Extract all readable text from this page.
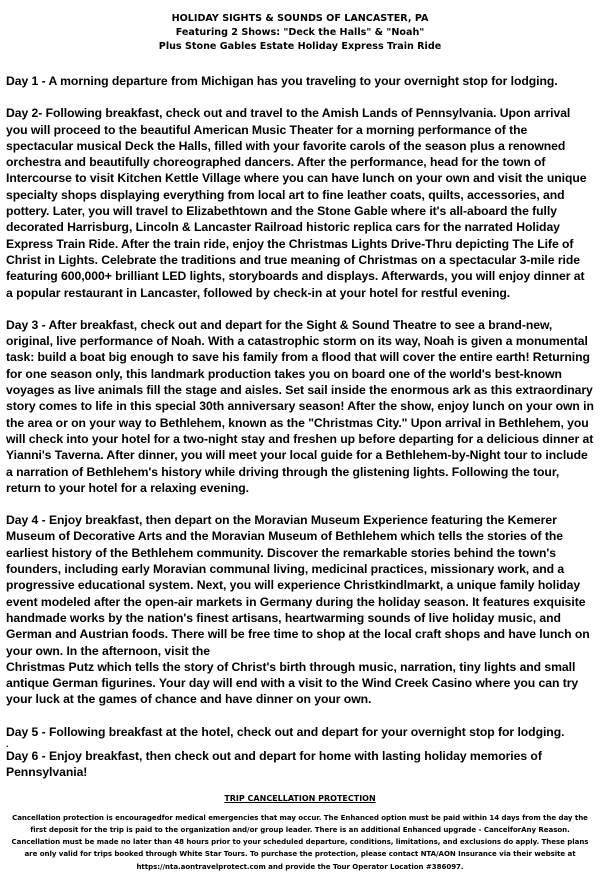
HOLIDAY SIGHTS & SOUNDS OF LANCASTER, PA

Featuring 2 Shows: "Deck the Halls" & "Noah"

Plus Stone Gables Estate Holiday Express Train Ride

Day 1 - A morning departure from Michigan has you traveling to your overnight stop for lodging.

Day 2- Following breakfast, check out and travel to the Amish Lands of Pennsylvania. Upon arrival you will proceed to the beautiful American Music Theater for a morning performance of the spectacular musical Deck the Halls, filled with your favorite carols of the season plus a renowned orchestra and beautifully choreographed dancers. After the performance, head for the town of Intercourse to visit Kitchen Kettle Village where you can have lunch on your own and visit the unique specialty shops displaying everything from local art to fine leather coats, quilts, accessories, and pottery. Later, you will travel to Elizabethtown and the Stone Gable where it's all-aboard the fully decorated Harrisburg, Lincoln & Lancaster Railroad historic replica cars for the narrated Holiday Express Train Ride. After the train ride, enjoy the Christmas Lights Drive-Thru depicting The Life of Christ in Lights. Celebrate the traditions and true meaning of Christmas on a spectacular 3-mile ride featuring 600,000+ brilliant LED lights, storyboards and displays. Afterwards, you will enjoy dinner at a popular restaurant in Lancaster, followed by check-in at your hotel for restful evening.

Day 3 - After breakfast, check out and depart for the Sight & Sound Theatre to see a brand-new, original, live performance of Noah. With a catastrophic storm on its way, Noah is given a monumental task: build a boat big enough to save his family from a flood that will cover the entire earth! Returning for one season only, this landmark production takes you on board one of the world's best-known voyages as live animals fill the stage and aisles. Set sail inside the enormous ark as this extraordinary story comes to life in this special 30th anniversary season! After the show, enjoy lunch on your own in the area or on your way to Bethlehem, known as the "Christmas City." Upon arrival in Bethlehem, you will check into your hotel for a two-night stay and freshen up before departing for a delicious dinner at Yianni's Taverna. After dinner, you will meet your local guide for a Bethlehem-by-Night tour to include a narration of Bethlehem's history while driving through the glistening lights. Following the tour, return to your hotel for a relaxing evening.

Day 4 - Enjoy breakfast, then depart on the Moravian Museum Experience featuring the Kemerer Museum of Decorative Arts and the Moravian Museum of Bethlehem which tells the stories of the earliest history of the Bethlehem community. Discover the remarkable stories behind the town's founders, including early Moravian communal living, medicinal practices, missionary work, and a progressive educational system. Next, you will experience Christkindlmarkt, a unique family holiday event modeled after the open-air markets in Germany during the holiday season. It features exquisite handmade works by the nation's finest artisans, heartwarming sounds of live holiday music, and German and Austrian foods. There will be free time to shop at the local craft shops and have lunch on your own. In the afternoon, visit the

Christmas Putz which tells the story of Christ's birth through music, narration, tiny lights and small antique German figurines. Your day will end with a visit to the Wind Creek Casino where you can try your luck at the games of chance and have dinner on your own.

Day 5 - Following breakfast at the hotel, check out and depart for your overnight stop for lodging.

.

Day 6 - Enjoy breakfast, then check out and depart for home with lasting holiday memories of Pennsylvania!

TRIP CANCELLATION PROTECTION

Cancellation protection is encouragedfor medical emergencies that may occur. The Enhanced option must be paid within 14 days from the day the first deposit for the trip is paid to the organization and/or group leader. There is an additional Enhanced upgrade - CancelforAny Reason. Cancellation must be made no later than 48 hours prior to your scheduled departure, conditions, limitations, and exclusions do apply. These plans are only valid for trips booked through White Star Tours. To purchase the protection, please contact NTA/AON Insurance via their website at https://nta.aontravelprotect.com and provide the Tour Operator Location #386097.
